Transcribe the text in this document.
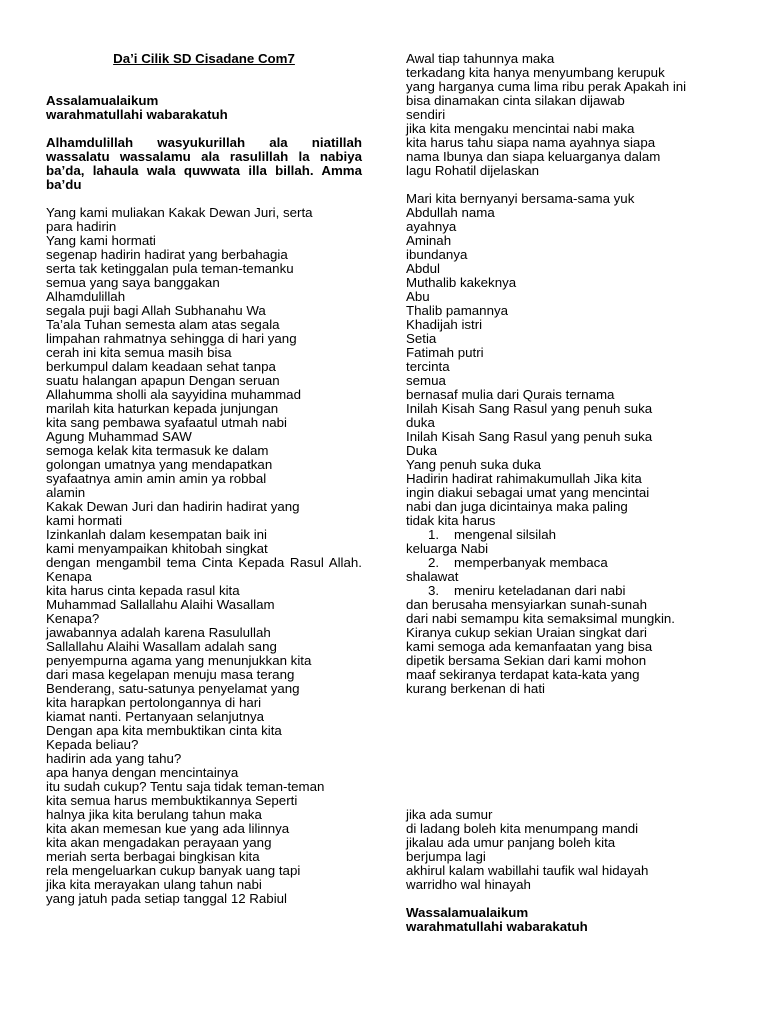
Da’i Cilik SD Cisadane Com7

Assalamualaikum
warahmatullahi wabarakatuh
Alhamdulillah wasyukurillah ala niatillah wassalatu wassalamu ala rasulillah la nabiya ba’da, lahaula wala quwwata illa billah. Amma ba’du
Yang kami muliakan Kakak Dewan Juri, serta
para hadirin
Yang kami hormati
segenap hadirin hadirat yang berbahagia
serta tak ketinggalan pula teman-temanku
semua yang saya banggakan
Alhamdulillah
segala puji bagi Allah Subhanahu Wa
Ta’ala Tuhan semesta alam atas segala
limpahan rahmatnya sehingga di hari yang
cerah ini kita semua masih bisa
berkumpul dalam keadaan sehat tanpa
suatu halangan apapun Dengan seruan
Allahumma sholli ala sayyidina muhammad
marilah kita haturkan kepada junjungan
kita sang pembawa syafaatul utmah nabi
Agung Muhammad SAW
semoga kelak kita termasuk ke dalam
golongan umatnya yang mendapatkan
syafaatnya amin amin amin ya robbal
alamin
Kakak Dewan Juri dan hadirin hadirat yang
kami hormati
Izinkanlah dalam kesempatan baik ini
kami menyampaikan khitobah singkat
dengan mengambil tema Cinta Kepada Rasul Allah. Kenapa
kita harus cinta kepada rasul kita
Muhammad Sallallahu Alaihi Wasallam
Kenapa?
jawabannya adalah karena Rasulullah
Sallallahu Alaihi Wasallam adalah sang
penyempurna agama yang menunjukkan kita
dari masa kegelapan menuju masa terang
Benderang, satu-satunya penyelamat yang
kita harapkan pertolongannya di hari
kiamat nanti. Pertanyaan selanjutnya
Dengan apa kita membuktikan cinta kita
Kepada beliau?
hadirin ada yang tahu?
apa hanya dengan mencintainya
itu sudah cukup? Tentu saja tidak teman-teman
kita semua harus membuktikannya Seperti
halnya jika kita berulang tahun maka
kita akan memesan kue yang ada lilinnya
kita akan mengadakan perayaan yang
meriah serta berbagai bingkisan kita
rela mengeluarkan cukup banyak uang tapi
jika kita merayakan ulang tahun nabi
yang jatuh pada setiap tanggal 12 Rabiul
Awal tiap tahunnya maka
terkadang kita hanya menyumbang kerupuk
yang harganya cuma lima ribu perak Apakah ini
bisa dinamakan cinta silakan dijawab
sendiri
jika kita mengaku mencintai nabi maka
kita harus tahu siapa nama ayahnya siapa
nama Ibunya dan siapa keluarganya dalam
lagu Rohatil dijelaskan
Mari kita bernyanyi bersama-sama yuk
Abdullah nama
ayahnya
Aminah
ibundanya
Abdul
Muthalib kakeknya
Abu
Thalib pamannya
Khadijah istri
Setia
Fatimah putri
tercinta
semua
bernasaf mulia dari Qurais ternama
Inilah Kisah Sang Rasul yang penuh suka
duka
Inilah Kisah Sang Rasul yang penuh suka
Duka
Yang penuh suka duka
Hadirin hadirat rahimakumullah Jika kita
ingin diakui sebagai umat yang mencintai
nabi dan juga dicintainya maka paling
tidak kita harus
1. mengenal silsilah
keluarga Nabi
2. memperbanyak membaca
shalawat
3. meniru keteladanan dari nabi
dan berusaha mensyiarkan sunah-sunah
dari nabi semampu kita semaksimal mungkin.
Kiranya cukup sekian Uraian singkat dari
kami semoga ada kemanfaatan yang bisa
dipetik bersama Sekian dari kami mohon
maaf sekiranya terdapat kata-kata yang
kurang berkenan di hati
jika ada sumur
di ladang boleh kita menumpang mandi
jikalau ada umur panjang boleh kita
berjumpa lagi
akhirul kalam wabillahi taufik wal hidayah
warridho wal hinayah
Wassalamualaikum
warahmatullahi wabarakatuh
